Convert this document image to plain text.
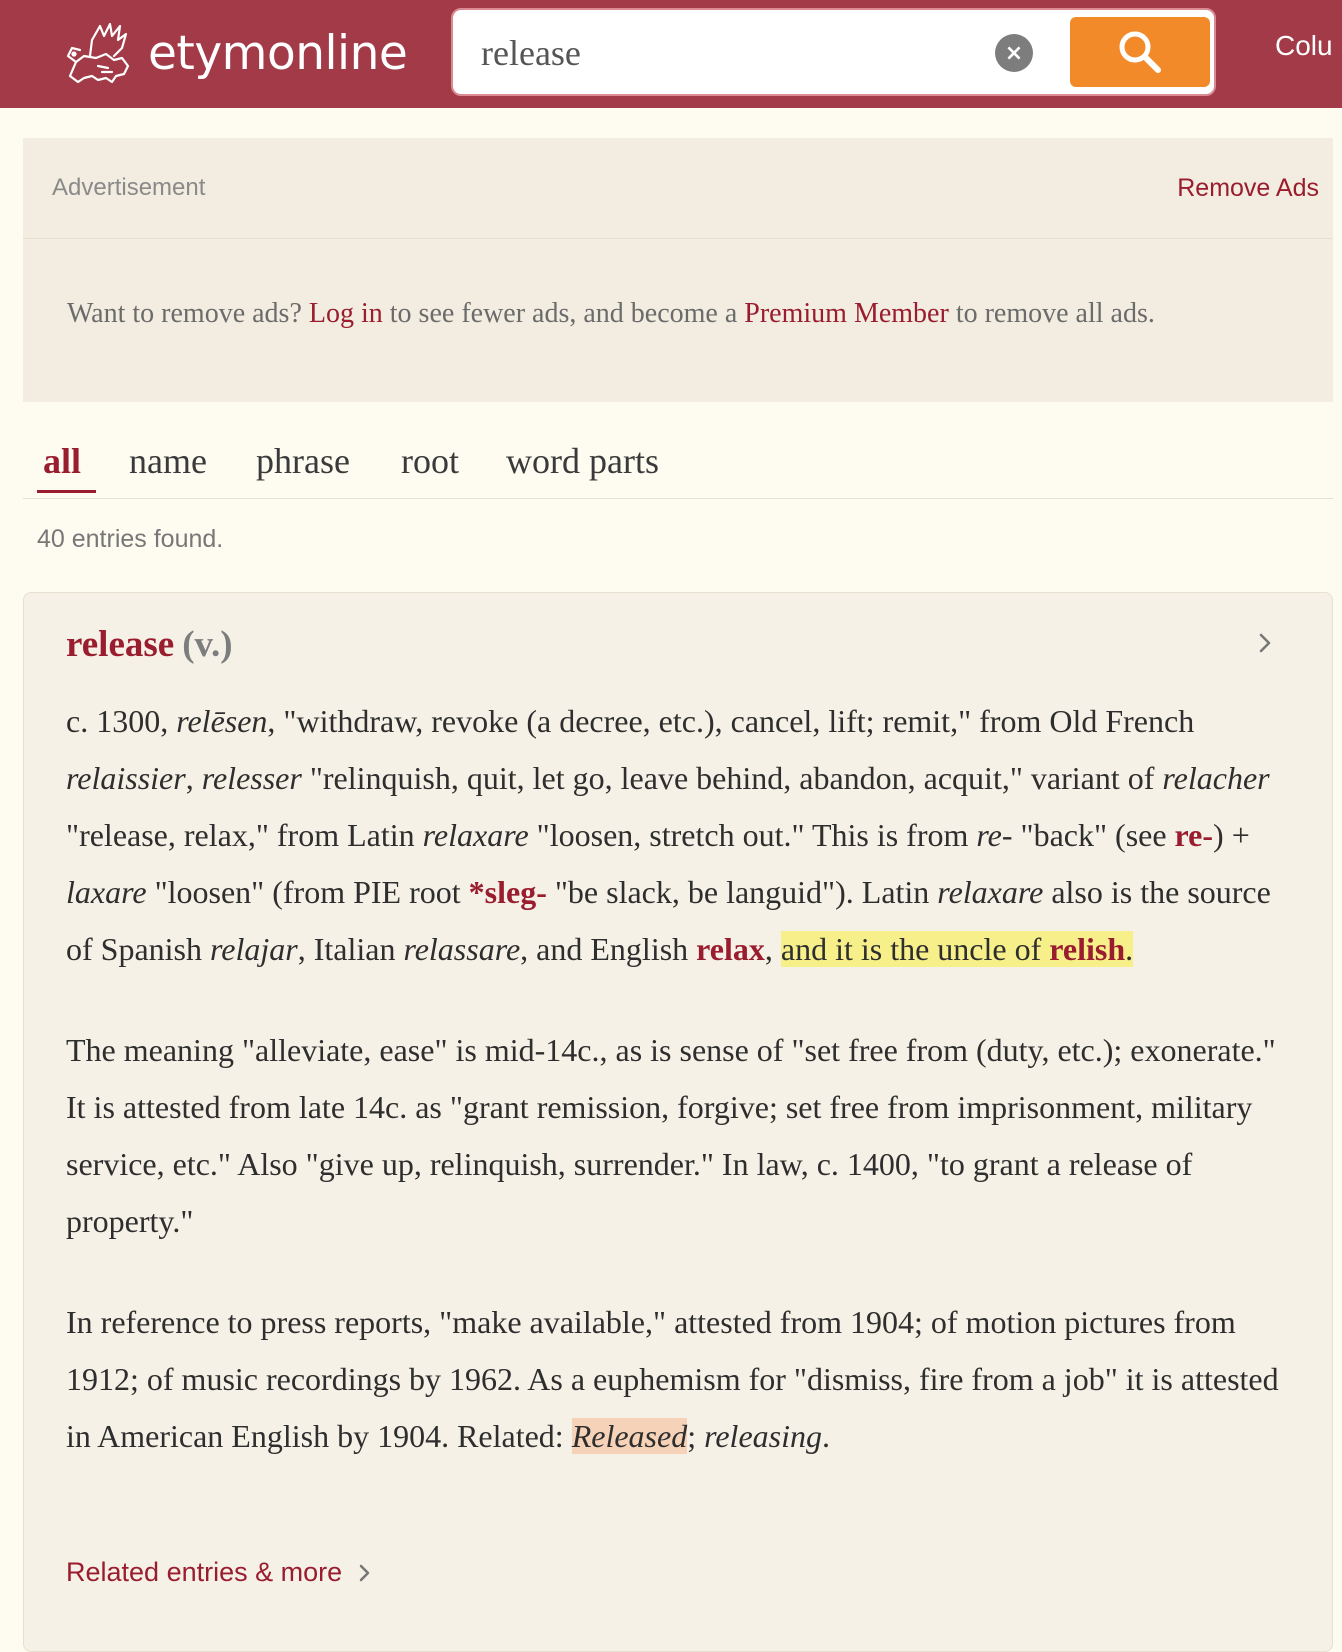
etymonline
release	×	Colu
Advertisement	Remove Ads
Want to remove ads? Log in to see fewer ads, and become a Premium Member to remove all ads.
all name phrase root word parts
40 entries found.
release (v.)

c. 1300, relēsen, "withdraw, revoke (a decree, etc.), cancel, lift; remit," from Old French relaissier, relesser "relinquish, quit, let go, leave behind, abandon, acquit," variant of relacher "release, relax," from Latin relaxare "loosen, stretch out." This is from re- "back" (see re-) + laxare "loosen" (from PIE root *sleg- "be slack, be languid"). Latin relaxare also is the source of Spanish relajar, Italian relassare, and English relax, and it is the uncle of relish.

The meaning "alleviate, ease" is mid-14c., as is sense of "set free from (duty, etc.); exonerate." It is attested from late 14c. as "grant remission, forgive; set free from imprisonment, military service, etc." Also "give up, relinquish, surrender." In law, c. 1400, "to grant a release of property."

In reference to press reports, "make available," attested from 1904; of motion pictures from 1912; of music recordings by 1962. As a euphemism for "dismiss, fire from a job" it is attested in American English by 1904. Related: Released; releasing.

Related entries & more
